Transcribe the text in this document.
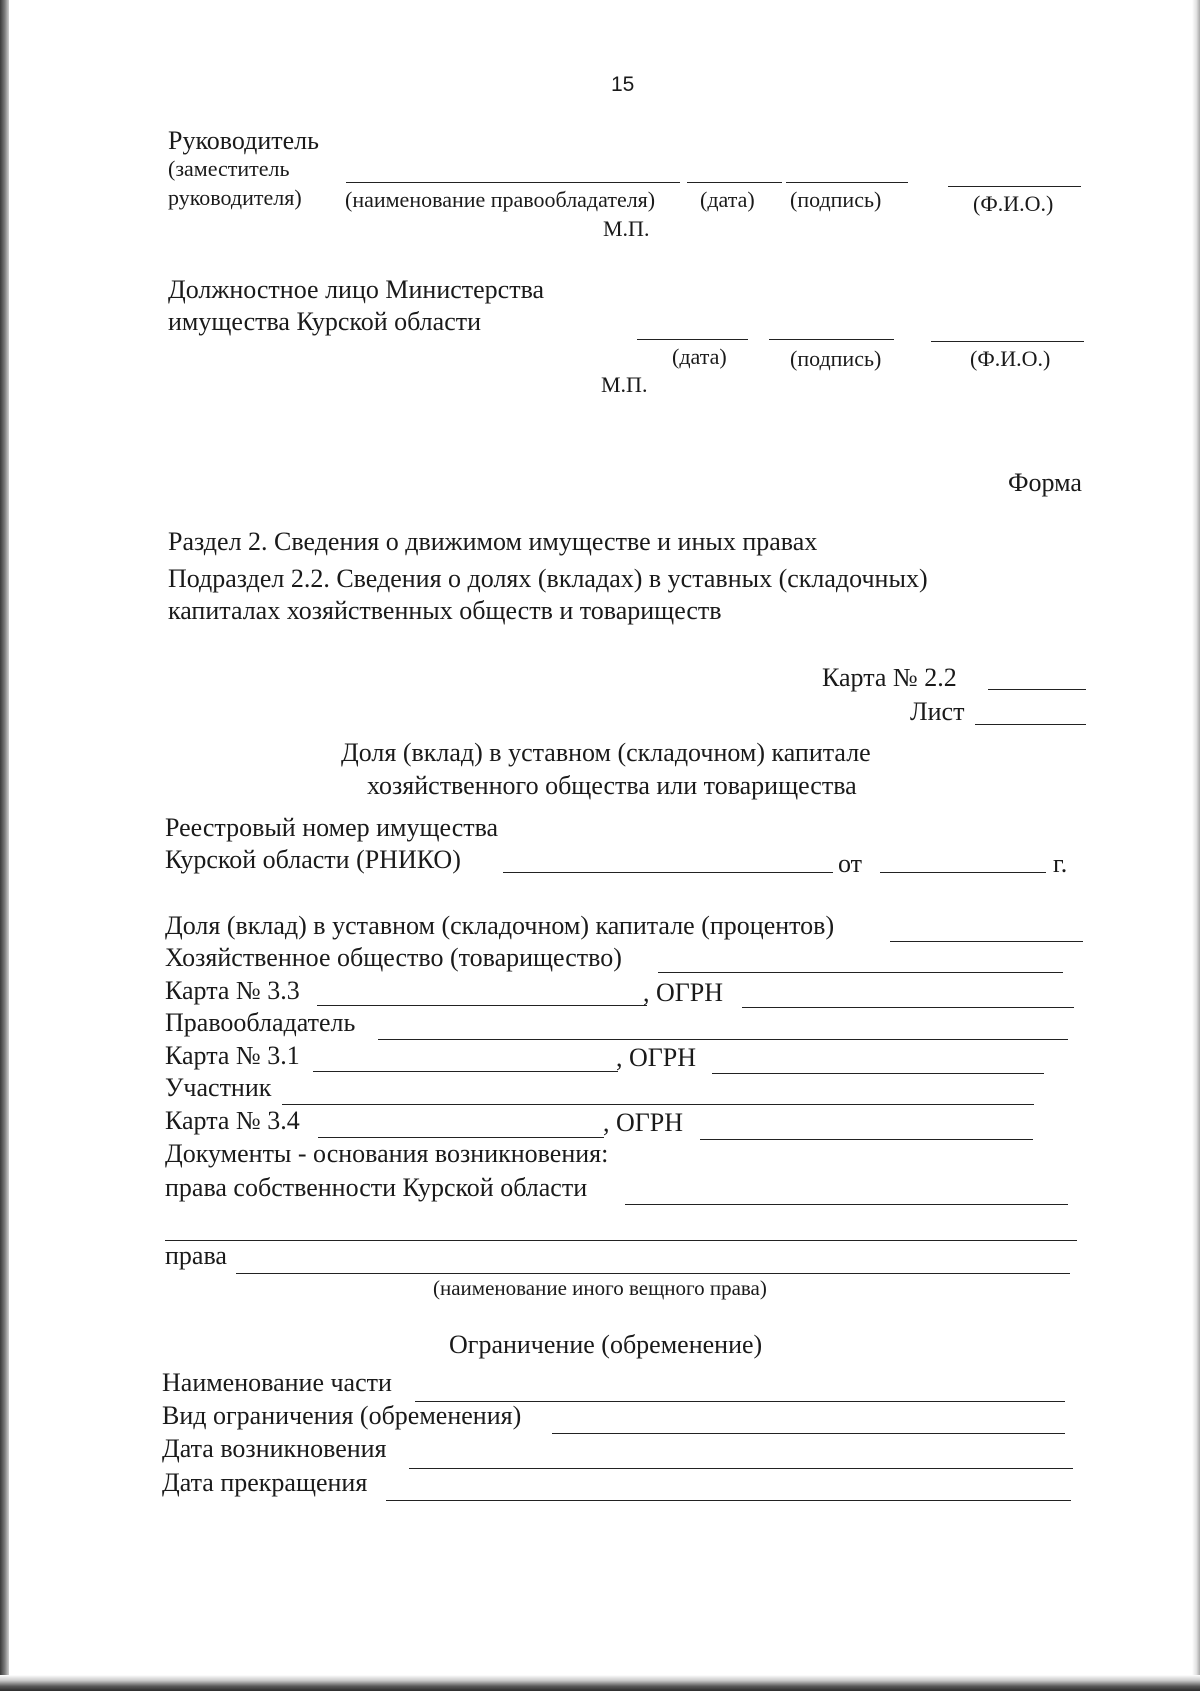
15
Руководитель
(заместитель
руководителя) (наименование правообладателя) (дата) (подпись)	(Ф.И.О.)
М.П.
Должностное лицо Министерства
имущества Курской области
(дата)	(подпись)	(Ф.И.О.)
М.П.
Форма
Раздел 2. Сведения о движимом имуществе и иных правах
Подраздел 2.2. Сведения о долях (вкладах) в уставных (складочных)
капиталах хозяйственных обществ и товариществ
Карта № 2.2
Лист
Доля (вклад) в уставном (складочном) капитале
хозяйственного общества или товарищества
Реестровый номер имущества
Курской области (РНИКО)	от	г.
Доля (вклад) в уставном (складочном) капитале (процентов)
Хозяйственное общество (товарищество)
Карта № 3.3	, ОГРН
Правообладатель
Карта № 3.1	, ОГРН
Участник
Карта № 3.4	, ОГРН
Документы - основания возникновения:
права собственности Курской области
права
(наименование иного вещного права)
Ограничение (обременение)
Наименование части
Вид ограничения (обременения)
Дата возникновения
Дата прекращения
